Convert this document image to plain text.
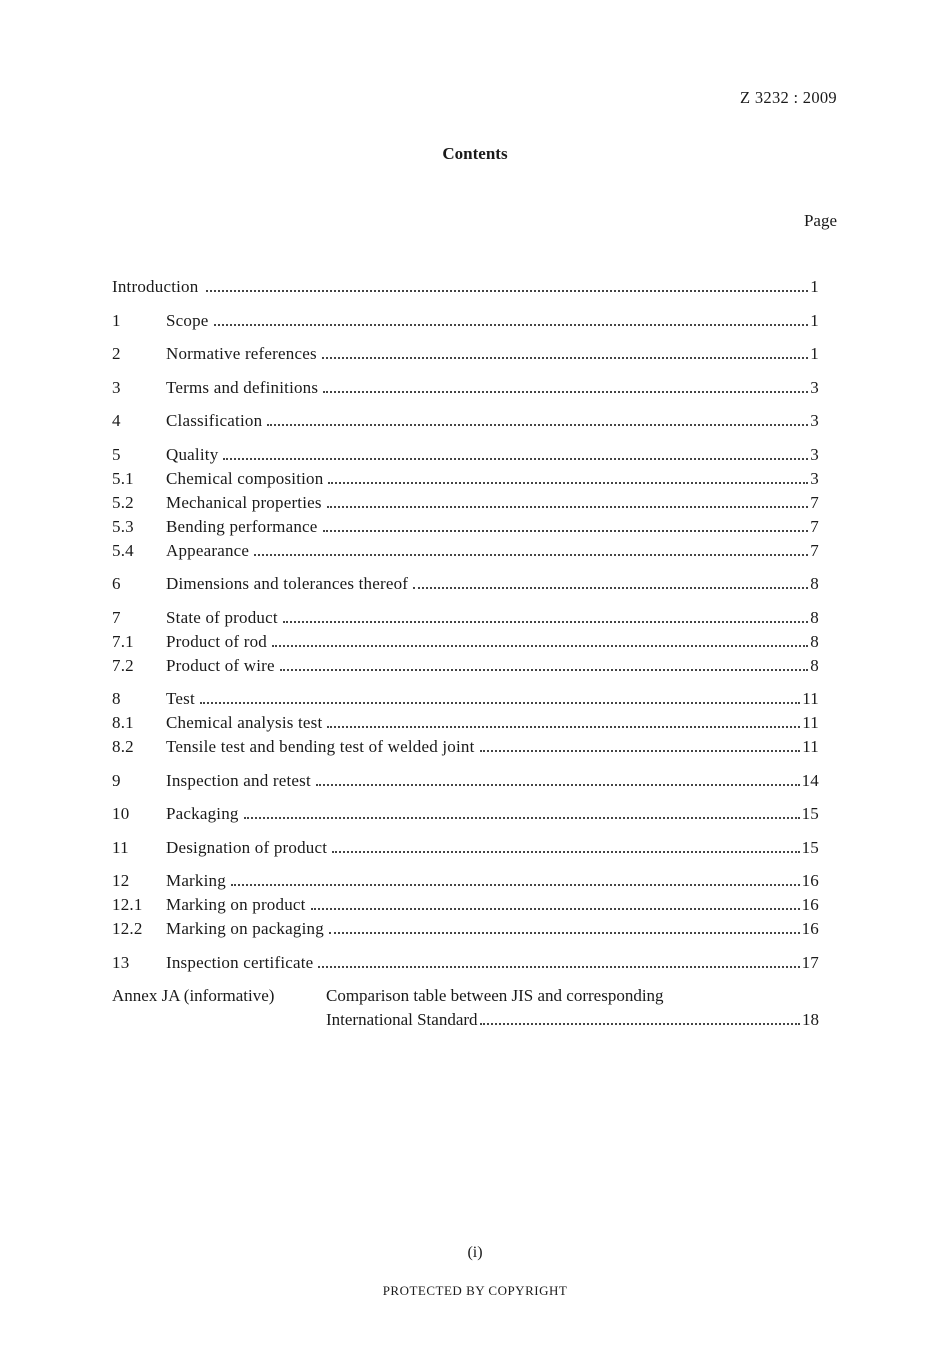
Z 3232 : 2009
Contents
Page
Introduction	1
1	Scope	1
2	Normative references	1
3	Terms and definitions	3
4	Classification	3
5	Quality	3
5.1	Chemical composition	3
5.2	Mechanical properties	7
5.3	Bending performance	7
5.4	Appearance	7
6	Dimensions and tolerances thereof	8
7	State of product	8
7.1	Product of rod	8
7.2	Product of wire	8
8	Test	11
8.1	Chemical analysis test	11
8.2	Tensile test and bending test of welded joint	11
9	Inspection and retest	14
10	Packaging	15
11	Designation of product	15
12	Marking	16
12.1	Marking on product	16
12.2	Marking on packaging	16
13	Inspection certificate	17
Annex JA (informative)	Comparison table between JIS and corresponding
International Standard	18
(i)
PROTECTED BY COPYRIGHT
